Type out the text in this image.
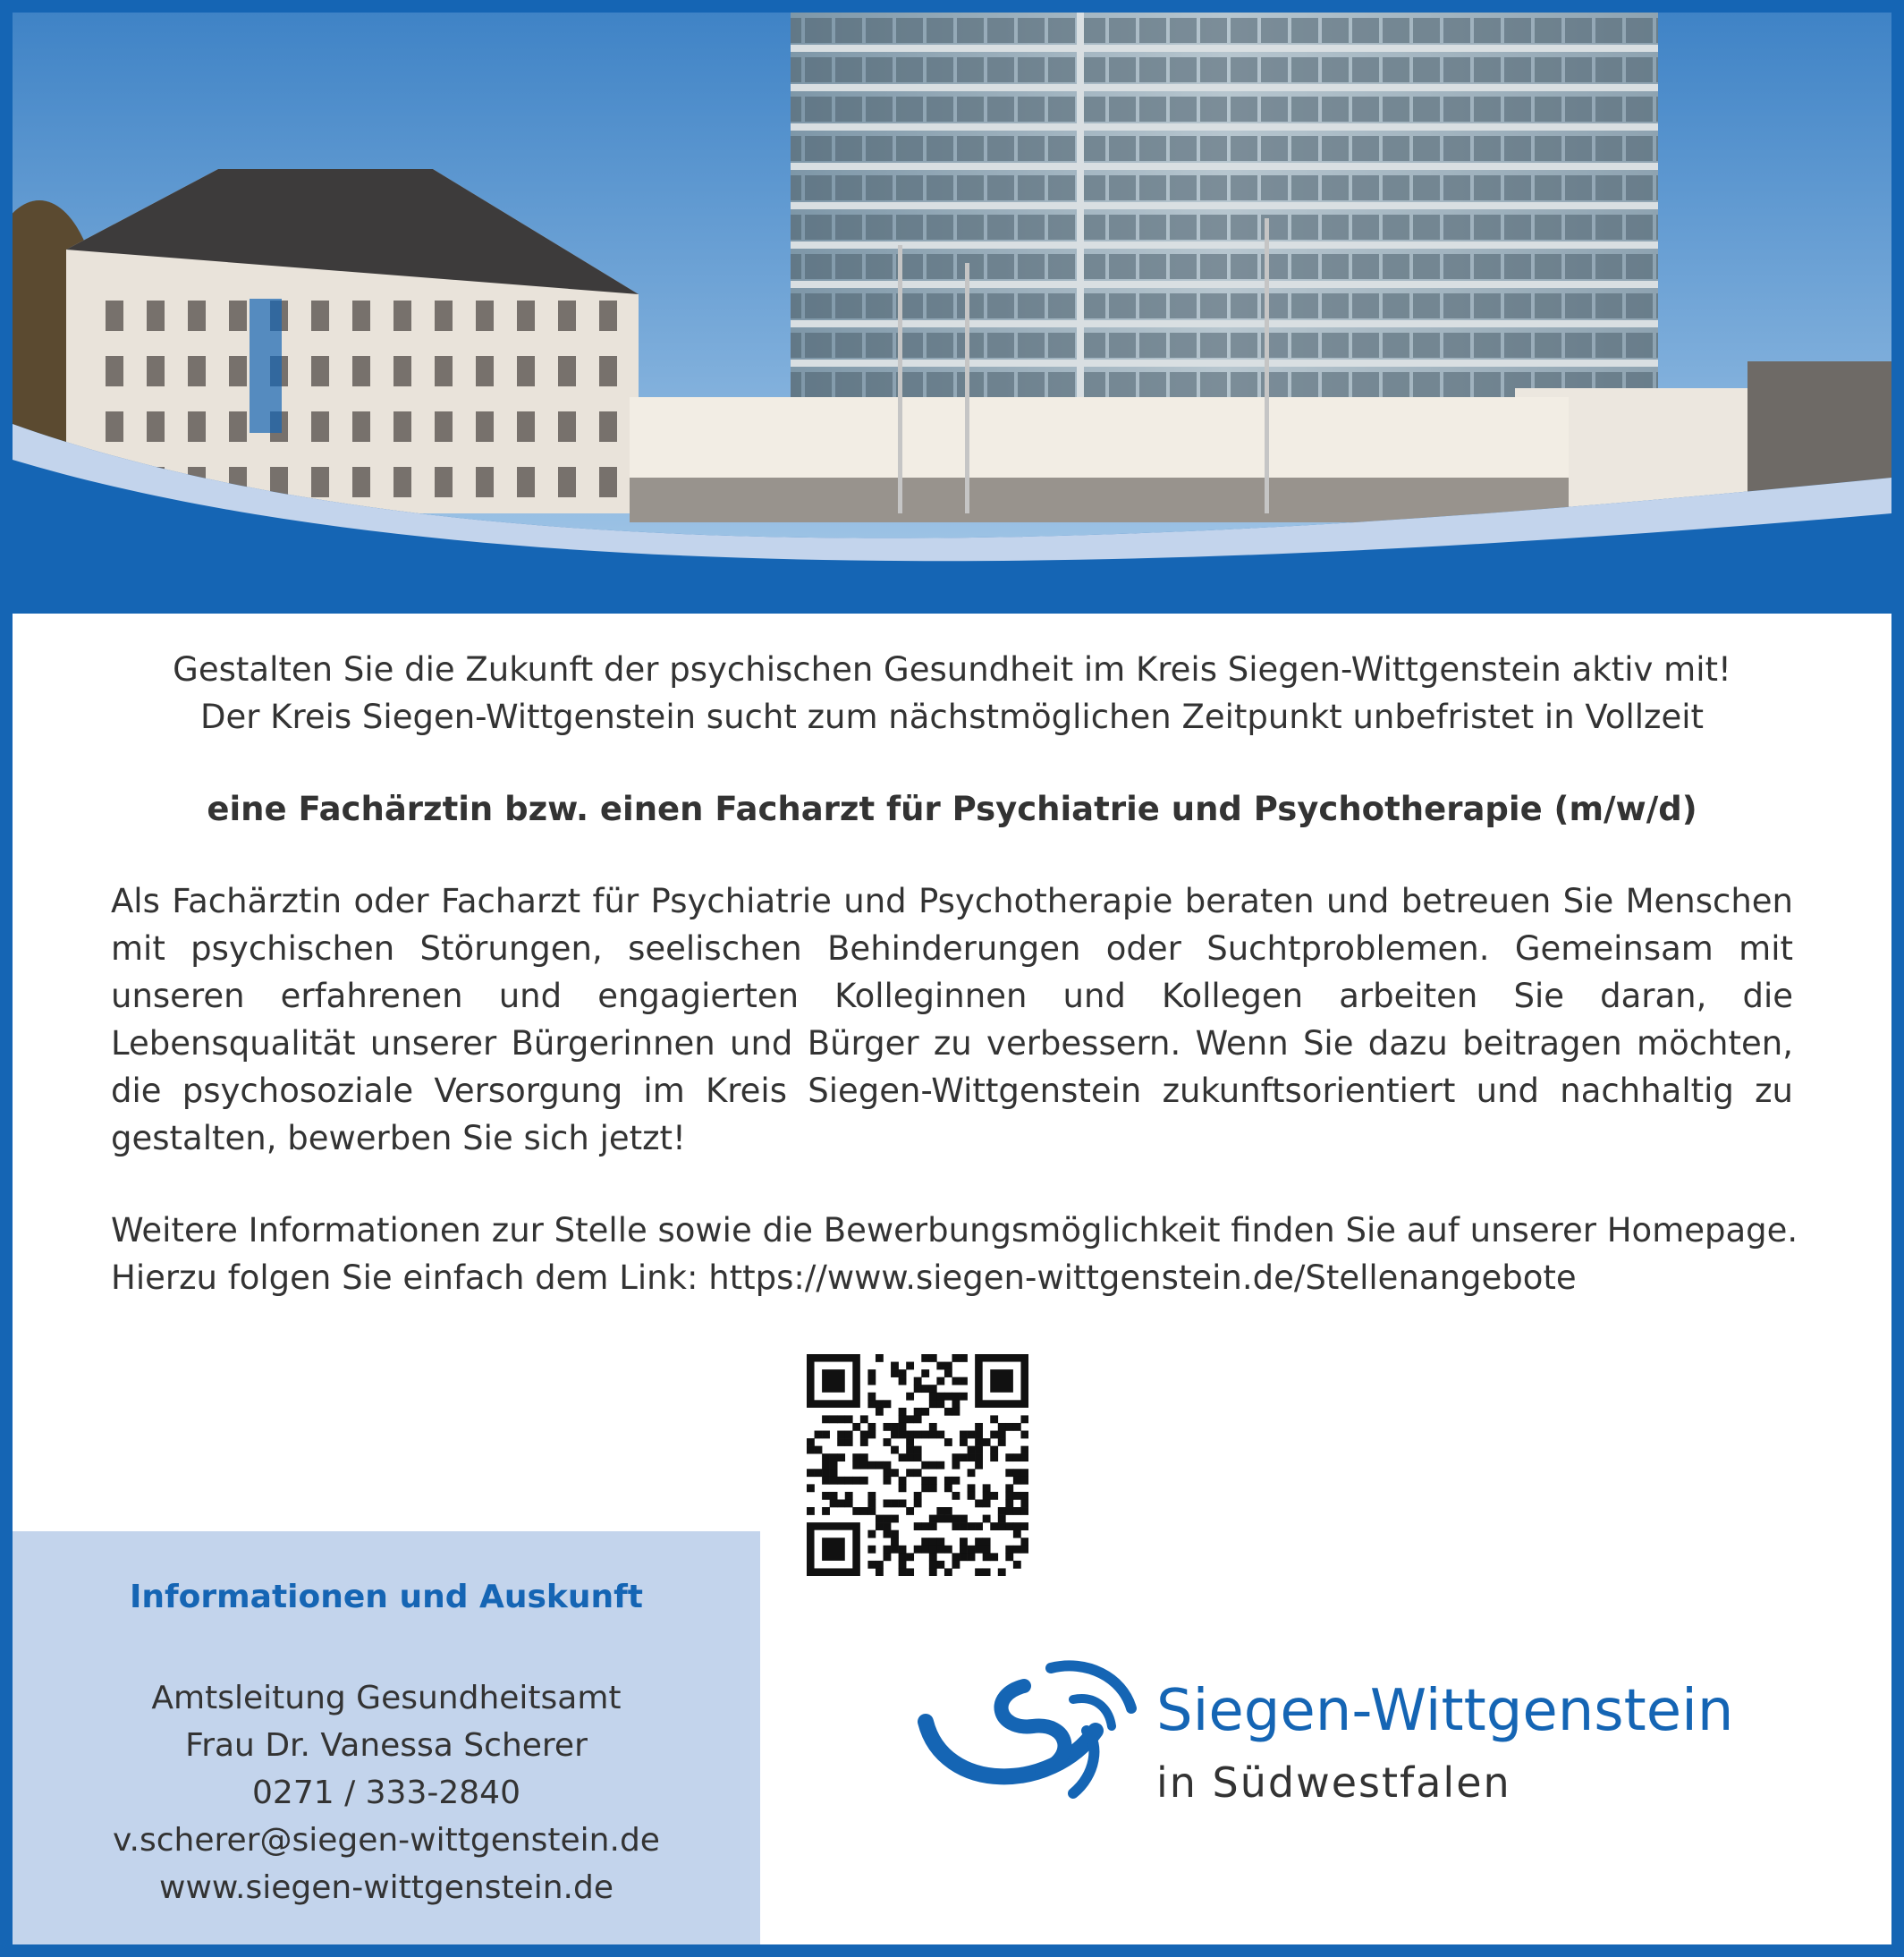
Gestalten Sie die Zukunft der psychischen Gesundheit im Kreis Siegen-Wittgenstein aktiv mit!
Der Kreis Siegen-Wittgenstein sucht zum nächstmöglichen Zeitpunkt unbefristet in Vollzeit
eine Fachärztin bzw. einen Facharzt für Psychiatrie und Psychotherapie (m/w/d)
Als Fachärztin oder Facharzt für Psychiatrie und Psychotherapie beraten und betreuen Sie Menschen mit psychischen Störungen, seelischen Behinderungen oder Suchtproblemen. Gemeinsam mit unseren erfahrenen und engagierten Kolleginnen und Kollegen arbeiten Sie daran, die Lebensqualität unserer Bürgerinnen und Bürger zu verbessern. Wenn Sie dazu beitragen möchten, die psychosoziale Versorgung im Kreis Siegen-Wittgenstein zukunftsorientiert und nachhaltig zu gestalten, bewerben Sie sich jetzt!
Weitere Informationen zur Stelle sowie die Bewerbungsmöglichkeit finden Sie auf unserer Homepage.
Hierzu folgen Sie einfach dem Link: https://www.siegen-wittgenstein.de/Stellenangebote
Informationen und Auskunft
Amtsleitung Gesundheitsamt
Frau Dr. Vanessa Scherer
0271 / 333-2840
v.scherer@siegen-wittgenstein.de
www.siegen-wittgenstein.de
Siegen-Wittgenstein
in Südwestfalen
